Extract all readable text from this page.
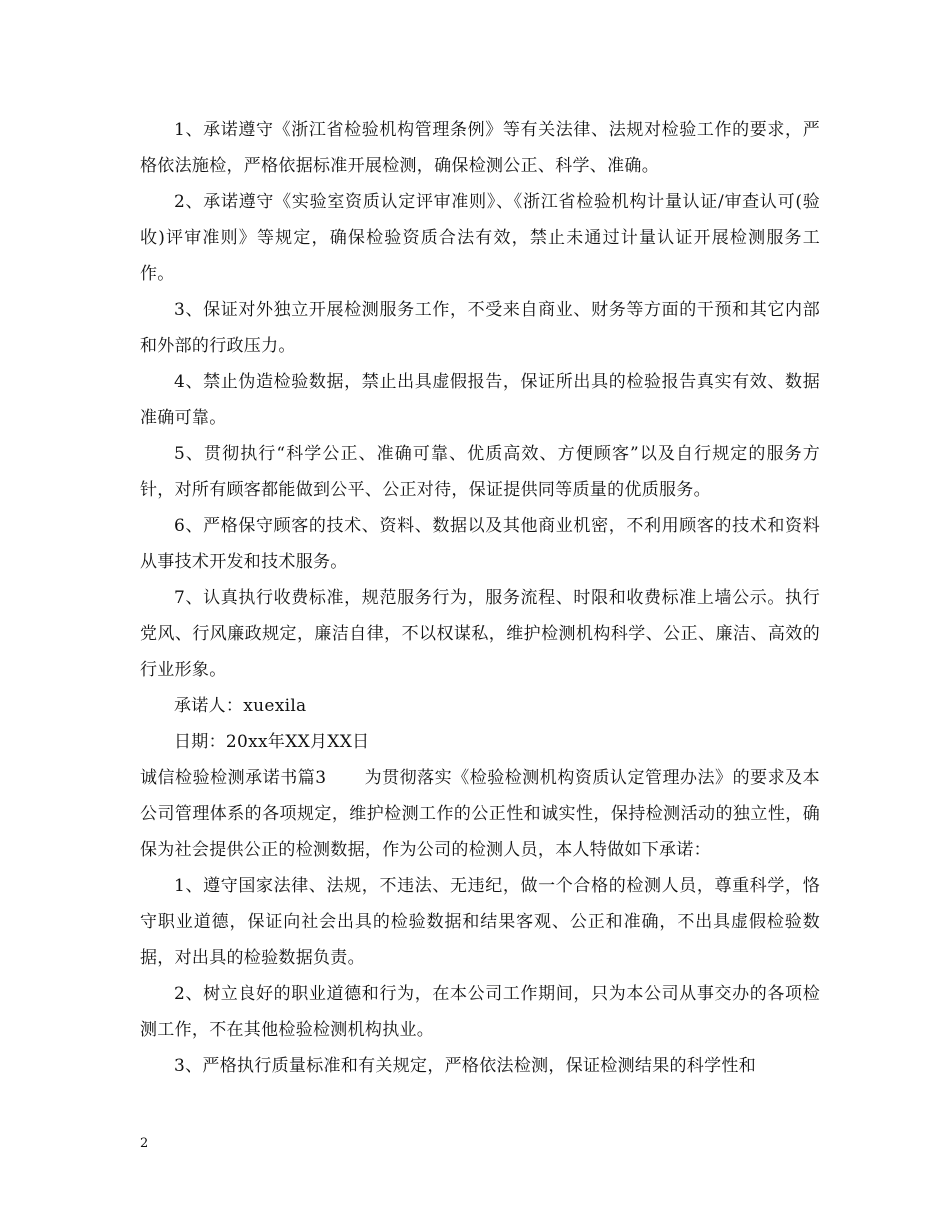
1、承诺遵守《浙江省检验机构管理条例》等有关法律、法规对检验工作的要求，严格依法施检，严格依据标准开展检测，确保检测公正、科学、准确。

2、承诺遵守《实验室资质认定评审准则》、《浙江省检验机构计量认证/审查认可(验收)评审准则》等规定，确保检验资质合法有效，禁止未通过计量认证开展检测服务工作。

3、保证对外独立开展检测服务工作，不受来自商业、财务等方面的干预和其它内部和外部的行政压力。

4、禁止伪造检验数据，禁止出具虚假报告，保证所出具的检验报告真实有效、数据准确可靠。

5、贯彻执行“科学公正、准确可靠、优质高效、方便顾客”以及自行规定的服务方针，对所有顾客都能做到公平、公正对待，保证提供同等质量的优质服务。

6、严格保守顾客的技术、资料、数据以及其他商业机密，不利用顾客的技术和资料从事技术开发和技术服务。

7、认真执行收费标准，规范服务行为，服务流程、时限和收费标准上墙公示。执行党风、行风廉政规定，廉洁自律，不以权谋私，维护检测机构科学、公正、廉洁、高效的行业形象。

承诺人：xuexila

日期：20xx年XX月XX日

诚信检验检测承诺书篇3 为贯彻落实《检验检测机构资质认定管理办法》的要求及本公司管理体系的各项规定，维护检测工作的公正性和诚实性，保持检测活动的独立性，确保为社会提供公正的检测数据，作为公司的检测人员，本人特做如下承诺：

1、遵守国家法律、法规，不违法、无违纪，做一个合格的检测人员，尊重科学，恪守职业道德，保证向社会出具的检验数据和结果客观、公正和准确，不出具虚假检验数据，对出具的检验数据负责。

2、树立良好的职业道德和行为，在本公司工作期间，只为本公司从事交办的各项检测工作，不在其他检验检测机构执业。

3、严格执行质量标准和有关规定，严格依法检测，保证检测结果的科学性和

2
